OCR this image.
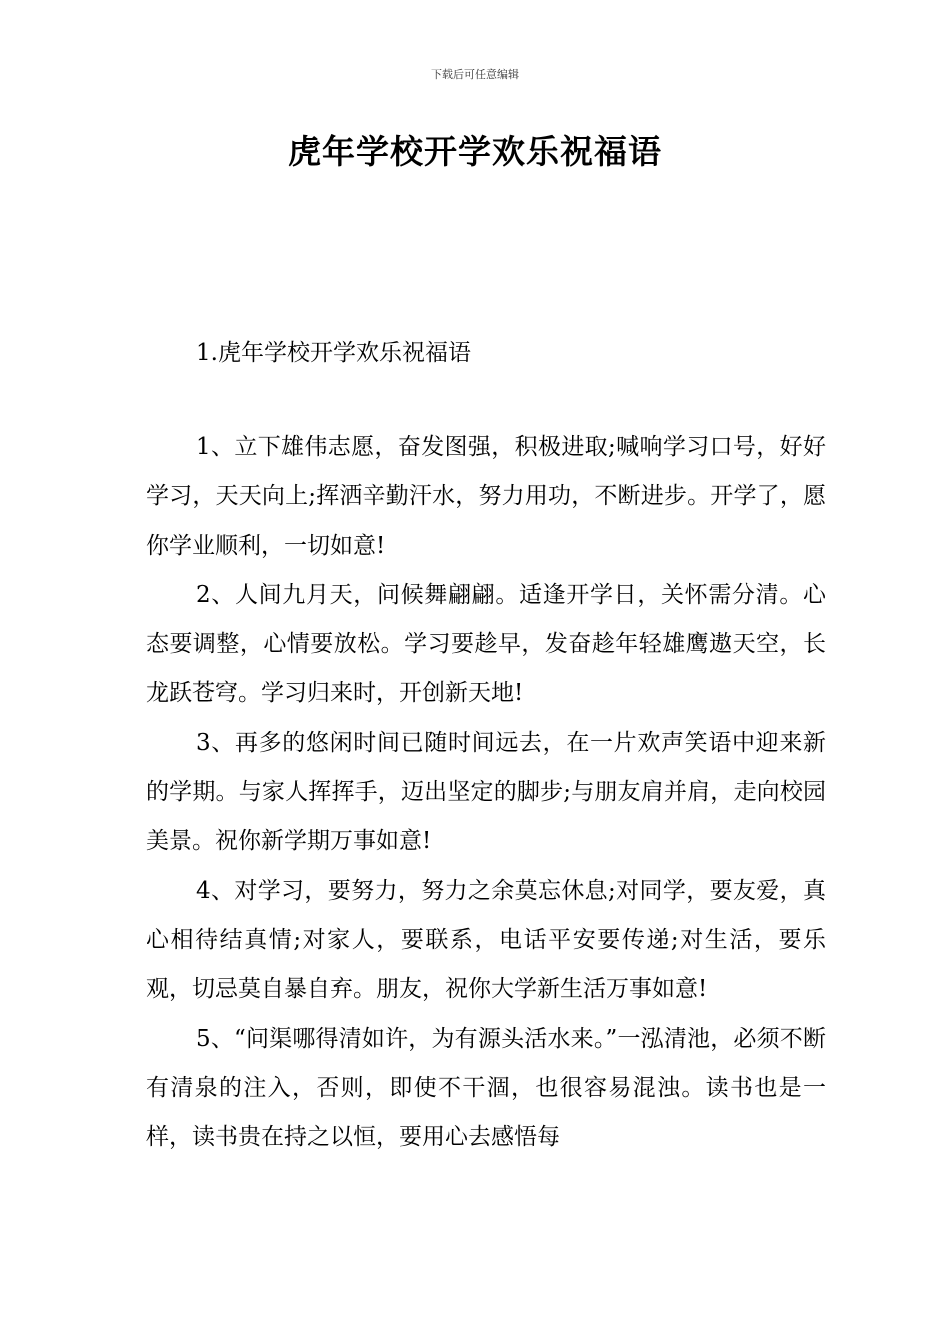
下载后可任意编辑
虎年学校开学欢乐祝福语
1.虎年学校开学欢乐祝福语

1、立下雄伟志愿，奋发图强，积极进取;喊响学习口号，好好学习，天天向上;挥洒辛勤汗水，努力用功，不断进步。开学了，愿你学业顺利，一切如意!

2、人间九月天，问候舞翩翩。适逢开学日，关怀需分清。心态要调整，心情要放松。学习要趁早，发奋趁年轻雄鹰遨天空，长龙跃苍穹。学习归来时，开创新天地!

3、再多的悠闲时间已随时间远去，在一片欢声笑语中迎来新的学期。与家人挥挥手，迈出坚定的脚步;与朋友肩并肩，走向校园美景。祝你新学期万事如意!

4、对学习，要努力，努力之余莫忘休息;对同学，要友爱，真心相待结真情;对家人，要联系，电话平安要传递;对生活，要乐观，切忌莫自暴自弃。朋友，祝你大学新生活万事如意!

5、“问渠哪得清如许，为有源头活水来。”一泓清池，必须不断有清泉的注入，否则，即使不干涸，也很容易混浊。读书也是一样，读书贵在持之以恒，要用心去感悟每
